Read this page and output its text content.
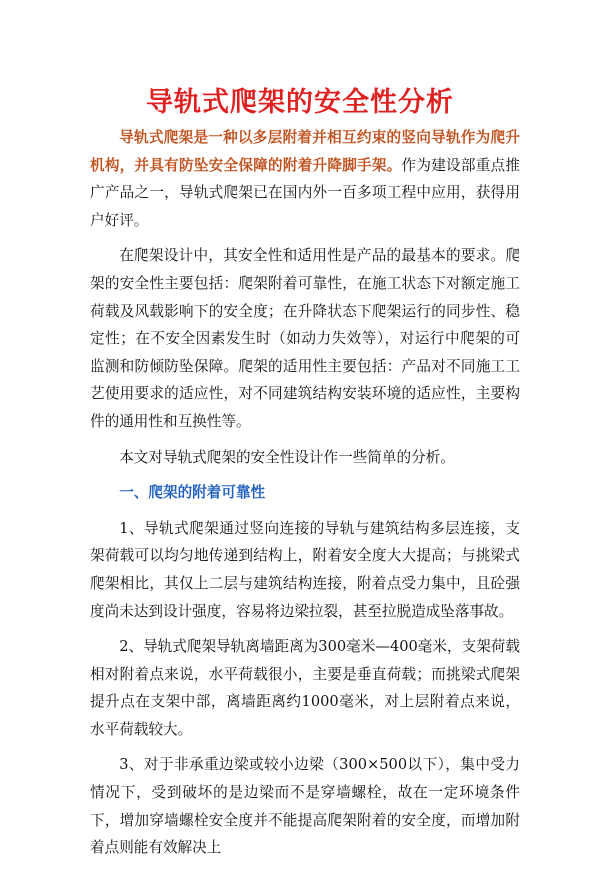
导轨式爬架的安全性分析

导轨式爬架是一种以多层附着并相互约束的竖向导轨作为爬升机构，并具有防坠安全保障的附着升降脚手架。作为建设部重点推广产品之一，导轨式爬架已在国内外一百多项工程中应用，获得用户好评。

在爬架设计中，其安全性和适用性是产品的最基本的要求。爬架的安全性主要包括：爬架附着可靠性，在施工状态下对额定施工荷载及风载影响下的安全度；在升降状态下爬架运行的同步性、稳定性；在不安全因素发生时（如动力失效等），对运行中爬架的可监测和防倾防坠保障。爬架的适用性主要包括：产品对不同施工工艺使用要求的适应性，对不同建筑结构安装环境的适应性，主要构件的通用性和互换性等。

本文对导轨式爬架的安全性设计作一些简单的分析。

一、爬架的附着可靠性

1、导轨式爬架通过竖向连接的导轨与建筑结构多层连接，支架荷载可以均匀地传递到结构上，附着安全度大大提高；与挑梁式爬架相比，其仅上二层与建筑结构连接，附着点受力集中，且砼强度尚未达到设计强度，容易将边梁拉裂，甚至拉脱造成坠落事故。

2、导轨式爬架导轨离墙距离为300毫米—400毫米，支架荷载相对附着点来说，水平荷载很小，主要是垂直荷载；而挑梁式爬架提升点在支架中部，离墙距离约1000毫米，对上层附着点来说，水平荷载较大。

3、对于非承重边梁或较小边梁（300×500以下），集中受力情况下，受到破坏的是边梁而不是穿墙螺栓，故在一定环境条件下，增加穿墙螺栓安全度并不能提高爬架附着的安全度，而增加附着点则能有效解决上
